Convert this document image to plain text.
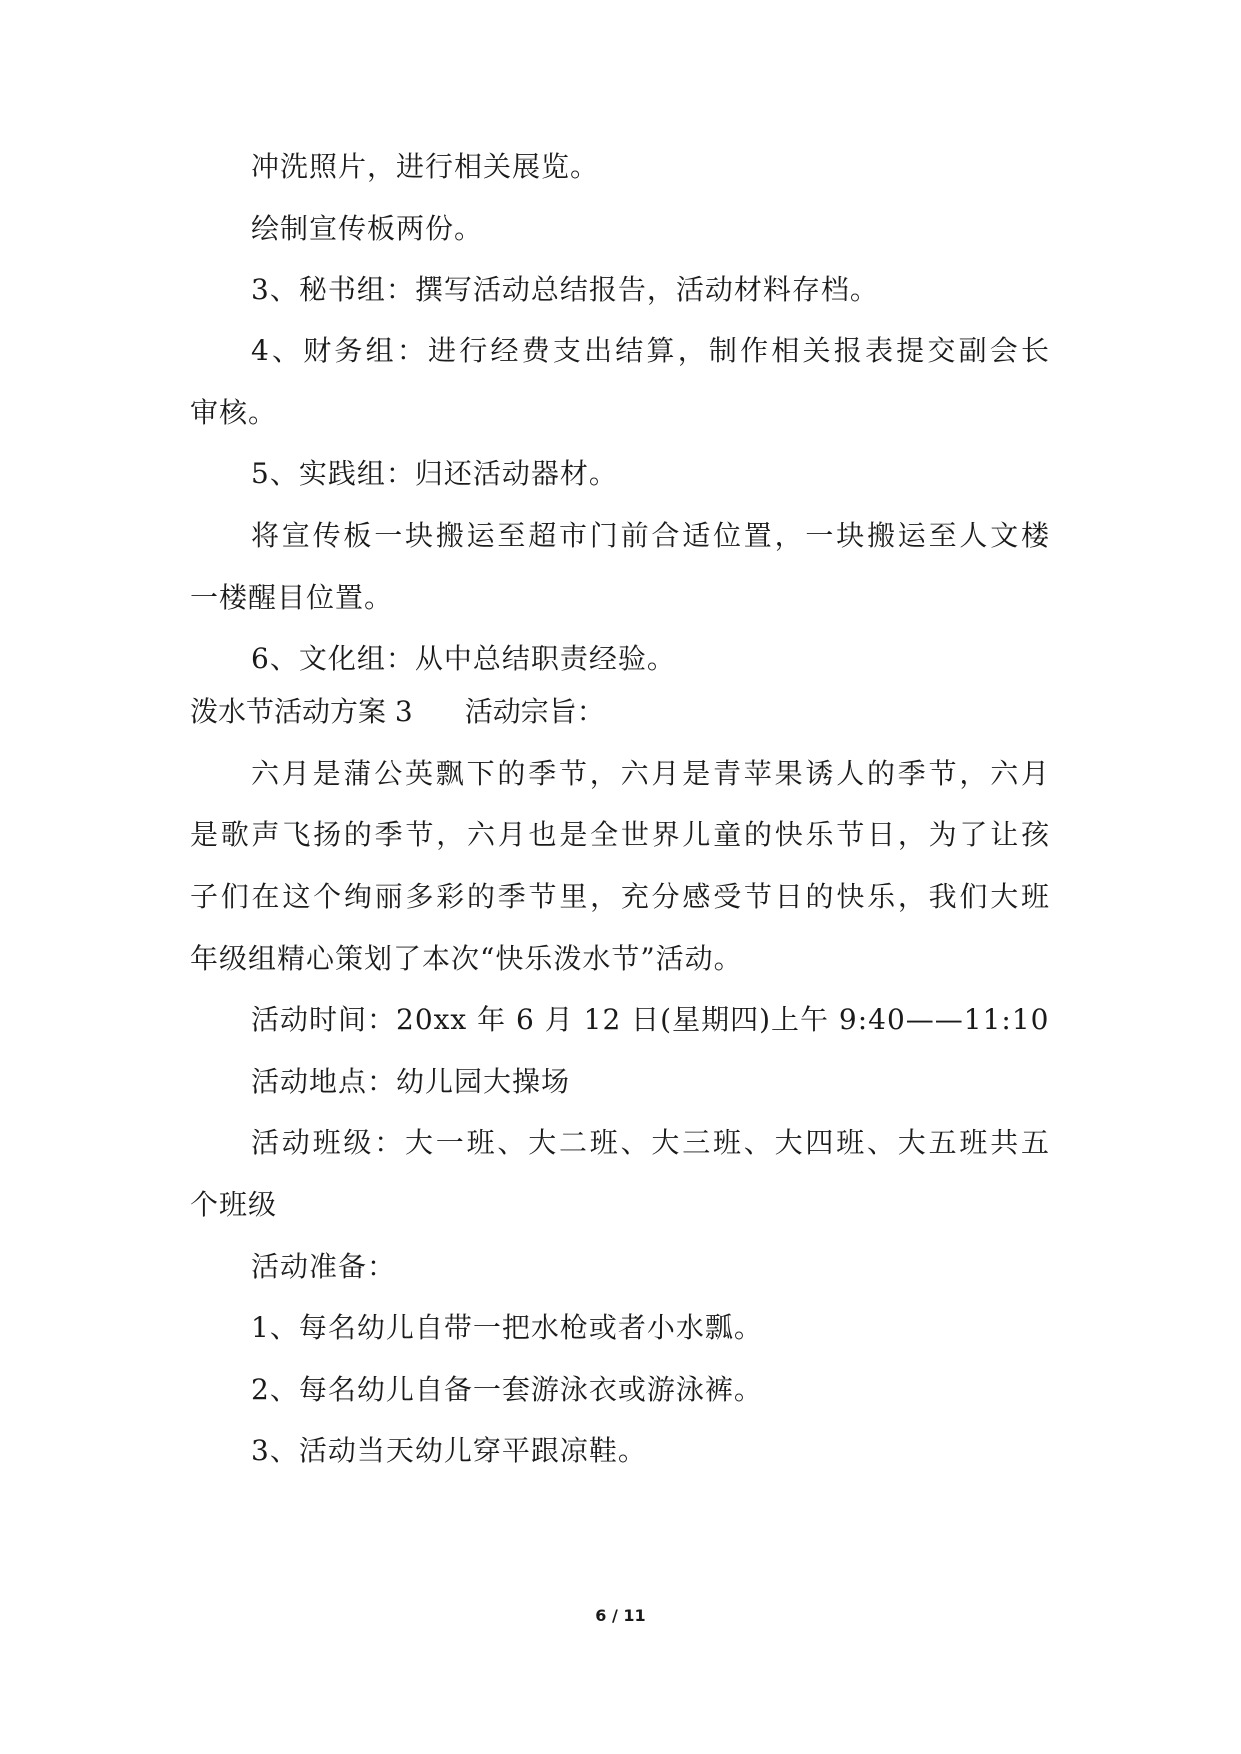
冲洗照片，进行相关展览。
绘制宣传板两份。
3、秘书组：撰写活动总结报告，活动材料存档。
4、财务组：进行经费支出结算，制作相关报表提交副会长
审核。
5、实践组：归还活动器材。
将宣传板一块搬运至超市门前合适位置，一块搬运至人文楼
一楼醒目位置。
6、文化组：从中总结职责经验。
泼水节活动方案 3 活动宗旨：
六月是蒲公英飘下的季节，六月是青苹果诱人的季节，六月
是歌声飞扬的季节，六月也是全世界儿童的快乐节日，为了让孩
子们在这个绚丽多彩的季节里，充分感受节日的快乐，我们大班
年级组精心策划了本次“快乐泼水节”活动。
活动时间：20xx 年 6 月 12 日(星期四)上午 9:40——11:10
活动地点：幼儿园大操场
活动班级：大一班、大二班、大三班、大四班、大五班共五
个班级
活动准备：
1、每名幼儿自带一把水枪或者小水瓢。
2、每名幼儿自备一套游泳衣或游泳裤。
3、活动当天幼儿穿平跟凉鞋。
6 / 11
